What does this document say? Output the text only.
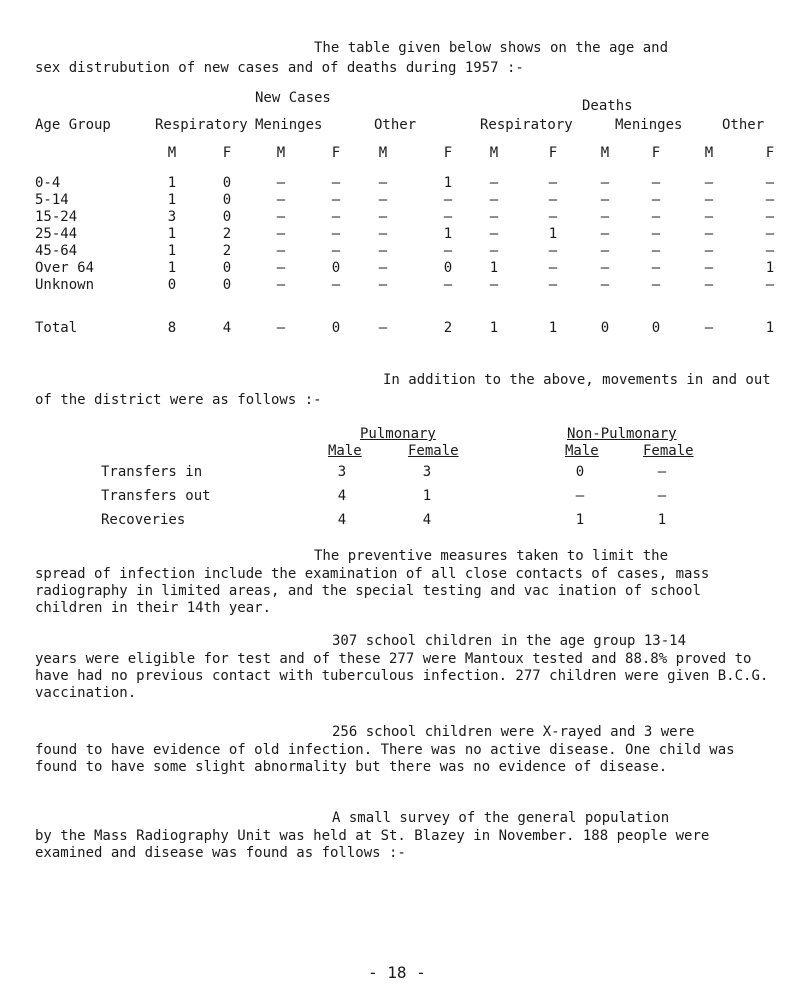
The table given below shows on the age and
sex distrubution of new cases and of deaths during 1957 :-
New Cases	Deaths
Age Group	Respiratory Meninges	Other	Respiratory	Meninges	Other
M	F	M	F	M	F	M	F	M	F	M	F
0-4	1	0	–	–	–	1	–	–	–	–	–	–
5-14	1	0	–	–	–	–	–	–	–	–	–	–
15-24	3	0	–	–	–	–	–	–	–	–	–	–
25-44	1	2	–	–	–	1	–	1	–	–	–	–
45-64	1	2	–	–	–	–	–	–	–	–	–	–
Over 64	1	0	–	0	–	0	1	–	–	–	–	1
Unknown	0	0	–	–	–	–	–	–	–	–	–	–
Total	8	4	–	0	–	2	1	1	0	0	–	1
In addition to the above, movements in and out
of the district were as follows :-
Pulmonary	Non-Pulmonary
Male	Female	Male	Female
Transfers in	3	3	0	–
Transfers out	4	1	–	–
Recoveries	4	4	1	1
The preventive measures taken to limit the
spread of infection include the examination of all close contacts of cases, mass radiography in limited areas, and the special testing and vac ination of school children in their 14th year.
307 school children in the age group 13-14
years were eligible for test and of these 277 were Mantoux tested and 88.8% proved to have had no previous contact with tuberculous infection. 277 children were given B.C.G. vaccination.
256 school children were X-rayed and 3 were
found to have evidence of old infection. There was no active disease. One child was found to have some slight abnormality but there was no evidence of disease.
A small survey of the general population
by the Mass Radiography Unit was held at St. Blazey in November. 188 people were examined and disease was found as follows :-
- 18 -
